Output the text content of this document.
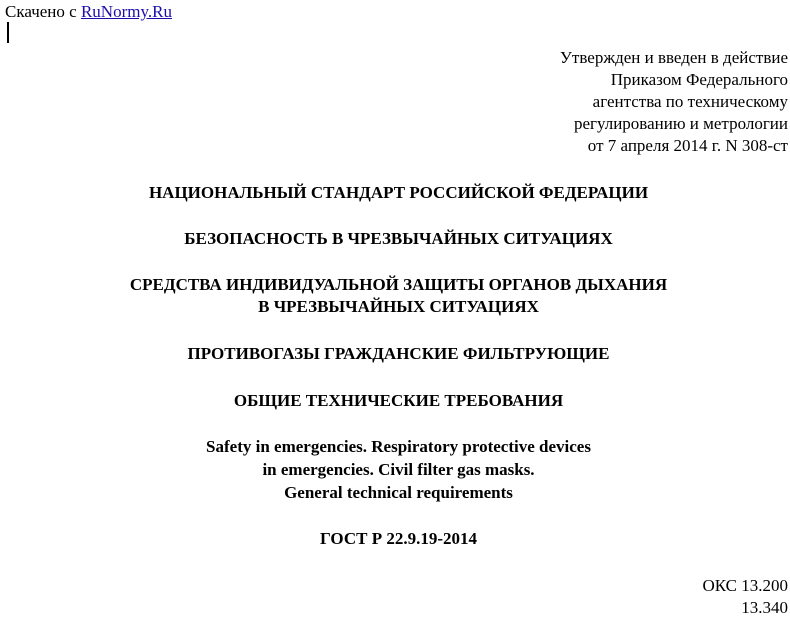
Скачено с RuNormy.Ru
Утвержден и введен в действие
Приказом Федерального
агентства по техническому
регулированию и метрологии
от 7 апреля 2014 г. N 308-ст
НАЦИОНАЛЬНЫЙ СТАНДАРТ РОССИЙСКОЙ ФЕДЕРАЦИИ
БЕЗОПАСНОСТЬ В ЧРЕЗВЫЧАЙНЫХ СИТУАЦИЯХ
СРЕДСТВА ИНДИВИДУАЛЬНОЙ ЗАЩИТЫ ОРГАНОВ ДЫХАНИЯ
В ЧРЕЗВЫЧАЙНЫХ СИТУАЦИЯХ
ПРОТИВОГАЗЫ ГРАЖДАНСКИЕ ФИЛЬТРУЮЩИЕ
ОБЩИЕ ТЕХНИЧЕСКИЕ ТРЕБОВАНИЯ
Safety in emergencies. Respiratory protective devices
in emergencies. Civil filter gas masks.
General technical requirements
ГОСТ Р 22.9.19-2014
ОКС 13.200
13.340
